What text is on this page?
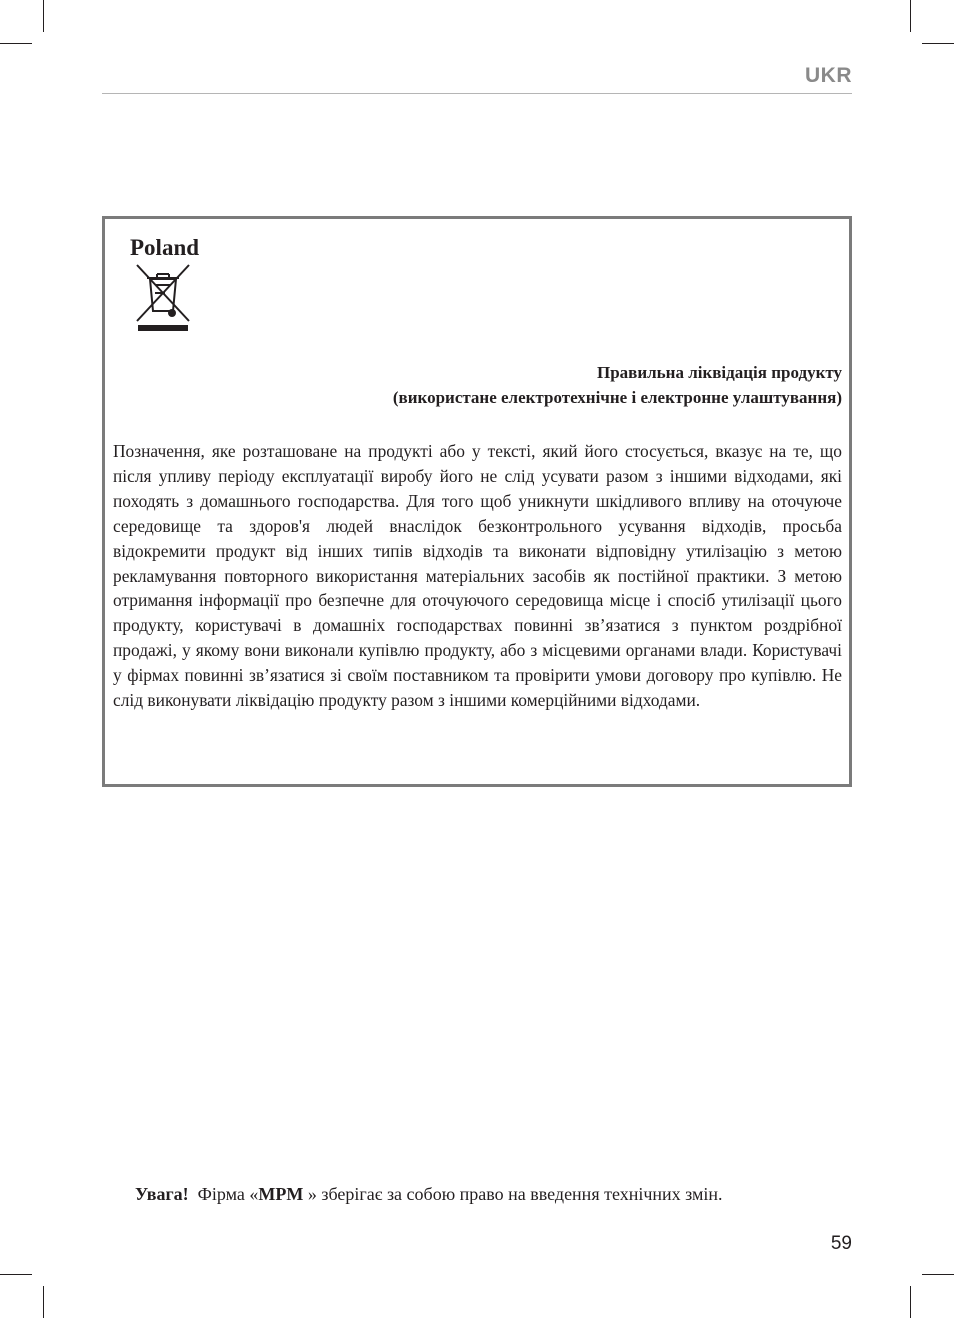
UKR
Poland
Правильна ліквідація продукту
(використане електротехнічне і електронне улаштування)
Позначення, яке розташоване на продукті або у тексті, який його стосується, вказує на те, що після упливу періоду експлуатації виробу його не слід усувати разом з іншими відходами, які походять з домашнього господарства. Для того щоб уникнути шкідливого впливу на оточуюче середовище та здоров'я людей внаслідок безконтрольного усування відходів, просьба відокремити продукт від інших типів відходів та виконати відповідну утилізацію з метою рекламування повторного використання матеріальних засобів як постійної практики. З метою отримання інформації про безпечне для оточуючого середовища місце і спосіб утилізації цього продукту, користувачі в домашніх господарствах повинні зв’язатися з пунктом роздрібної продажі, у якому вони виконали купівлю продукту, або з місцевими органами влади. Користувачі у фірмах повинні зв’язатися зі своїм поставником та провірити умови договору про купівлю. Не слід виконувати ліквідацію продукту разом з іншими комерційними відходами.
Увага! Фірма «MPM » зберігає за собою право на введення технічних змін.
59
